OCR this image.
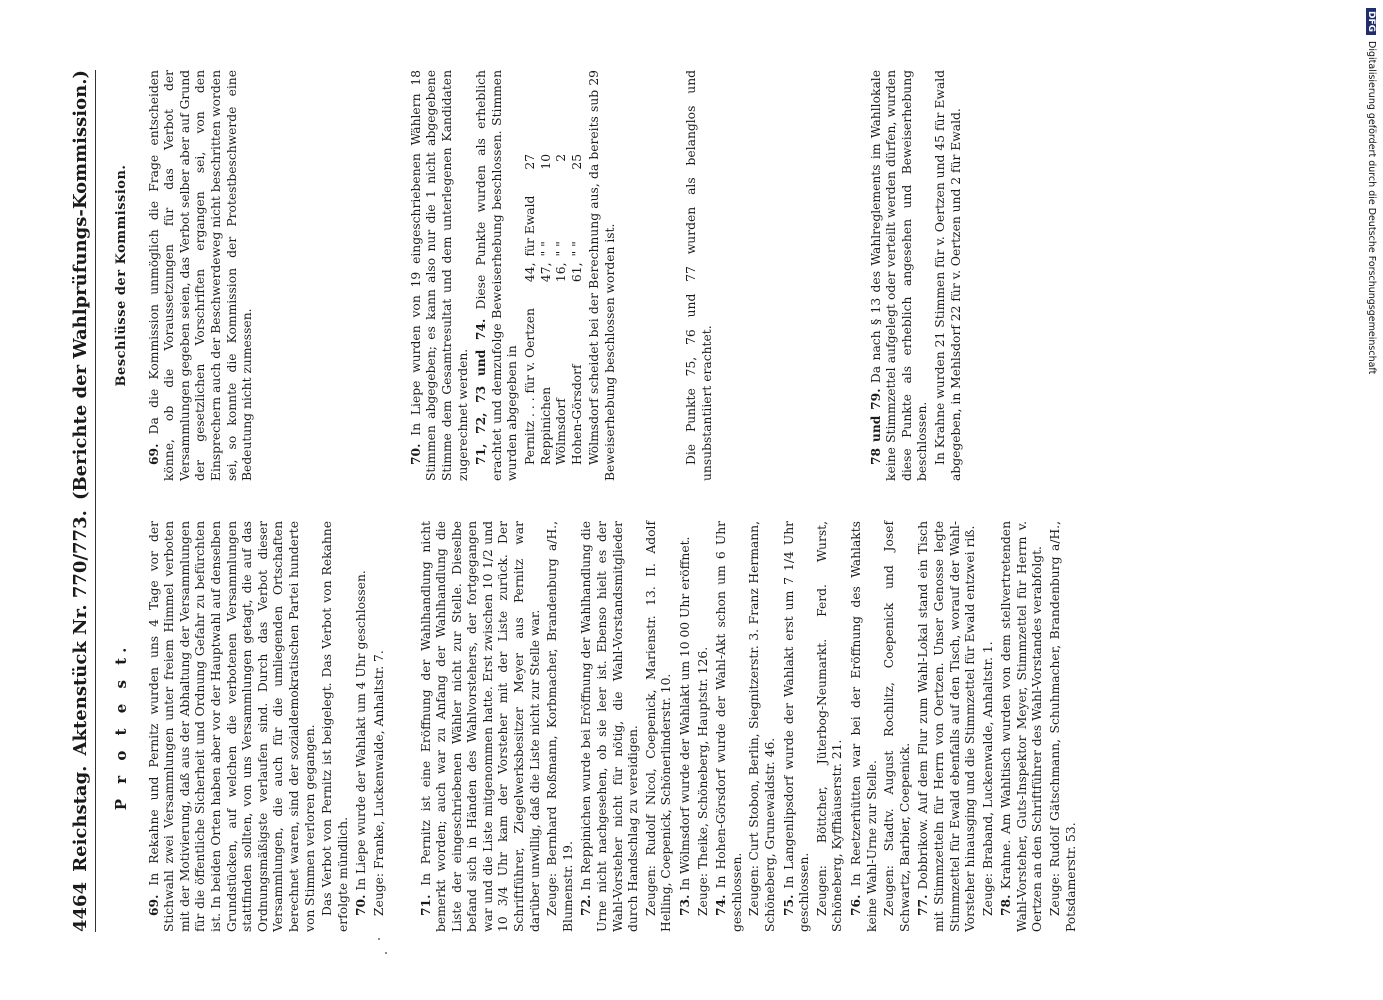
4464
Reichstag.
Aktenstück Nr. 770/773.
(Berichte der Wahlprüfungs-Kommission.)
P r o t e s t.

69. In Rekahne und Pernitz wurden uns 4 Tage vor der Stichwahl zwei Versammlungen unter freiem Himmel verboten mit der Motivierung, daß aus der Abhaltung der Versammlungen für die öffentliche Sicherheit und Ordnung Gefahr zu befürchten ist. In beiden Orten haben aber vor der Hauptwahl auf denselben Grundstücken, auf welchen die verbotenen Versammlungen stattfinden sollten, von uns Versammlungen getagt, die auf das Ordnungsmäßigste verlaufen sind. Durch das Verbot dieser Versammlungen, die auch für die umliegenden Ortschaften berechnet waren, sind der sozialdemokratischen Partei hunderte von Stimmen verloren gegangen. Das Verbot von Pernitz ist beigelegt. Das Verbot von Rekahne erfolgte mündlich. 70. In Liepe wurde der Wahlakt um 4 Uhr geschlossen. Zeuge: Franke, Luckenwalde, Anhaltstr. 7.	71. In Pernitz ist eine Eröffnung der Wahlhandlung nicht bemerkt worden; auch war zu Anfang der Wahlhandlung die Liste der eingeschriebenen Wähler nicht zur Stelle. Dieselbe befand sich in Händen des Wahlvorstehers, der fortgegangen war und die Liste mitgenommen hatte. Erst zwischen 10 1/2 und 10 3/4 Uhr kam der Vorsteher mit der Liste zurück. Der Schriftführer, Ziegelwerksbesitzer Meyer aus Pernitz war darüber unwillig, daß die Liste nicht zur Stelle war. Zeuge: Bernhard Roßmann, Korbmacher, Brandenburg a/H., Blumenstr. 19. 72. In Reppinichen wurde bei Eröffnung der Wahlhandlung die Urne nicht nachgesehen, ob sie leer ist. Ebenso hielt es der Wahl-Vorsteher nicht für nötig, die Wahl-Vorstandsmitglieder durch Handschlag zu vereidigen. Zeugen: Rudolf Nicol, Coepenick, Marienstr. 13. II. Adolf Helling, Coepenick, Schönerlinderstr. 10. 73. In Wölmsdorf wurde der Wahlakt um 10 00 Uhr eröffnet. Zeuge: Theike, Schöneberg, Hauptstr. 126. 74. In Hohen-Görsdorf wurde der Wahl-Akt schon um 6 Uhr geschlossen. Zeugen: Curt Stobon, Berlin, Siegnitzerstr. 3. Franz Hermann, Schöneberg, Grunewaldstr. 46. 75. In Langenlipsdorf wurde der Wahlakt erst um 7 1/4 Uhr geschlossen. Zeugen: Böttcher, Jüterbog-Neumarkt. Ferd. Wurst, Schöneberg, Kyffhäuserstr. 21. 76. In Reetzerhütten war bei der Eröffnung des Wahlakts keine Wahl-Urne zur Stelle. Zeugen: Stadtv. August Rochlitz, Coepenick und Josef Schwartz, Barbier, Coepenick. 77. Dobbrikow. Auf dem Flur zum Wahl-Lokal stand ein Tisch mit Stimmzetteln für Herrn von Oertzen. Unser Genosse legte Stimmzettel für Ewald ebenfalls auf den Tisch, worauf der Wahl-Vorsteher hinausging und die Stimmzettel für Ewald entzwei riß. Zeuge: Braband, Luckenwalde, Anhaltstr. 1. 78. Krahne. Am Wahltisch wurden von dem stellvertretenden Wahl-Vorsteher, Guts-Inspektor Meyer, Stimmzettel für Herrn v. Oertzen an den Schriftführer des Wahl-Vorstandes verabfolgt. Zeuge: Rudolf Gätschmann, Schuhmacher, Brandenburg a/H., Potsdamerstr. 53.

Beschlüsse der Kommission.

69. Da die Kommission unmöglich die Frage entscheiden könne, ob die Voraussetzungen für das Verbot der Versammlungen gegeben seien, das Verbot selber aber auf Grund der gesetzlichen Vorschriften ergangen sei, von den Einsprechern auch der Beschwerdeweg nicht beschritten worden sei, so konnte die Kommission der Protestbeschwerde eine Bedeutung nicht zumessen.	70. In Liepe wurden von 19 eingeschriebenen Wählern 18 Stimmen abgegeben; es kann also nur die 1 nicht abgegebene Stimme dem Gesamtresultat und dem unterlegenen Kandidaten zugerechnet werden. 71, 72, 73 und 74. Diese Punkte wurden als erheblich erachtet und demzufolge Beweiserhebung beschlossen. Stimmen wurden abgegeben in Pernitz . . . für v. Oertzen	44,	für Ewald	27
Reppinichen	47,	" "	10
Wölmsdorf	16,	" "	2
Hohen-Görsdorf	61,	" "	25 Wölmsdorf scheidet bei der Berechnung aus, da bereits sub 29 Beweiserhebung beschlossen worden ist.	Die Punkte 75, 76 und 77 wurden als belanglos und unsubstantiiert erachtet.	78 und 79. Da nach § 13 des Wahlreglements im Wahllokale keine Stimmzettel aufgelegt oder verteilt werden dürfen, wurden diese Punkte als erheblich angesehen und Beweiserhebung beschlossen. In Krahne wurden 21 Stimmen für v. Oertzen und 45 für Ewald abgegeben, in Mehlsdorf 22 für v. Oertzen und 2 für Ewald.

DFG
Digitalisierung gefördert durch die Deutsche Forschungsgemeinschaft
